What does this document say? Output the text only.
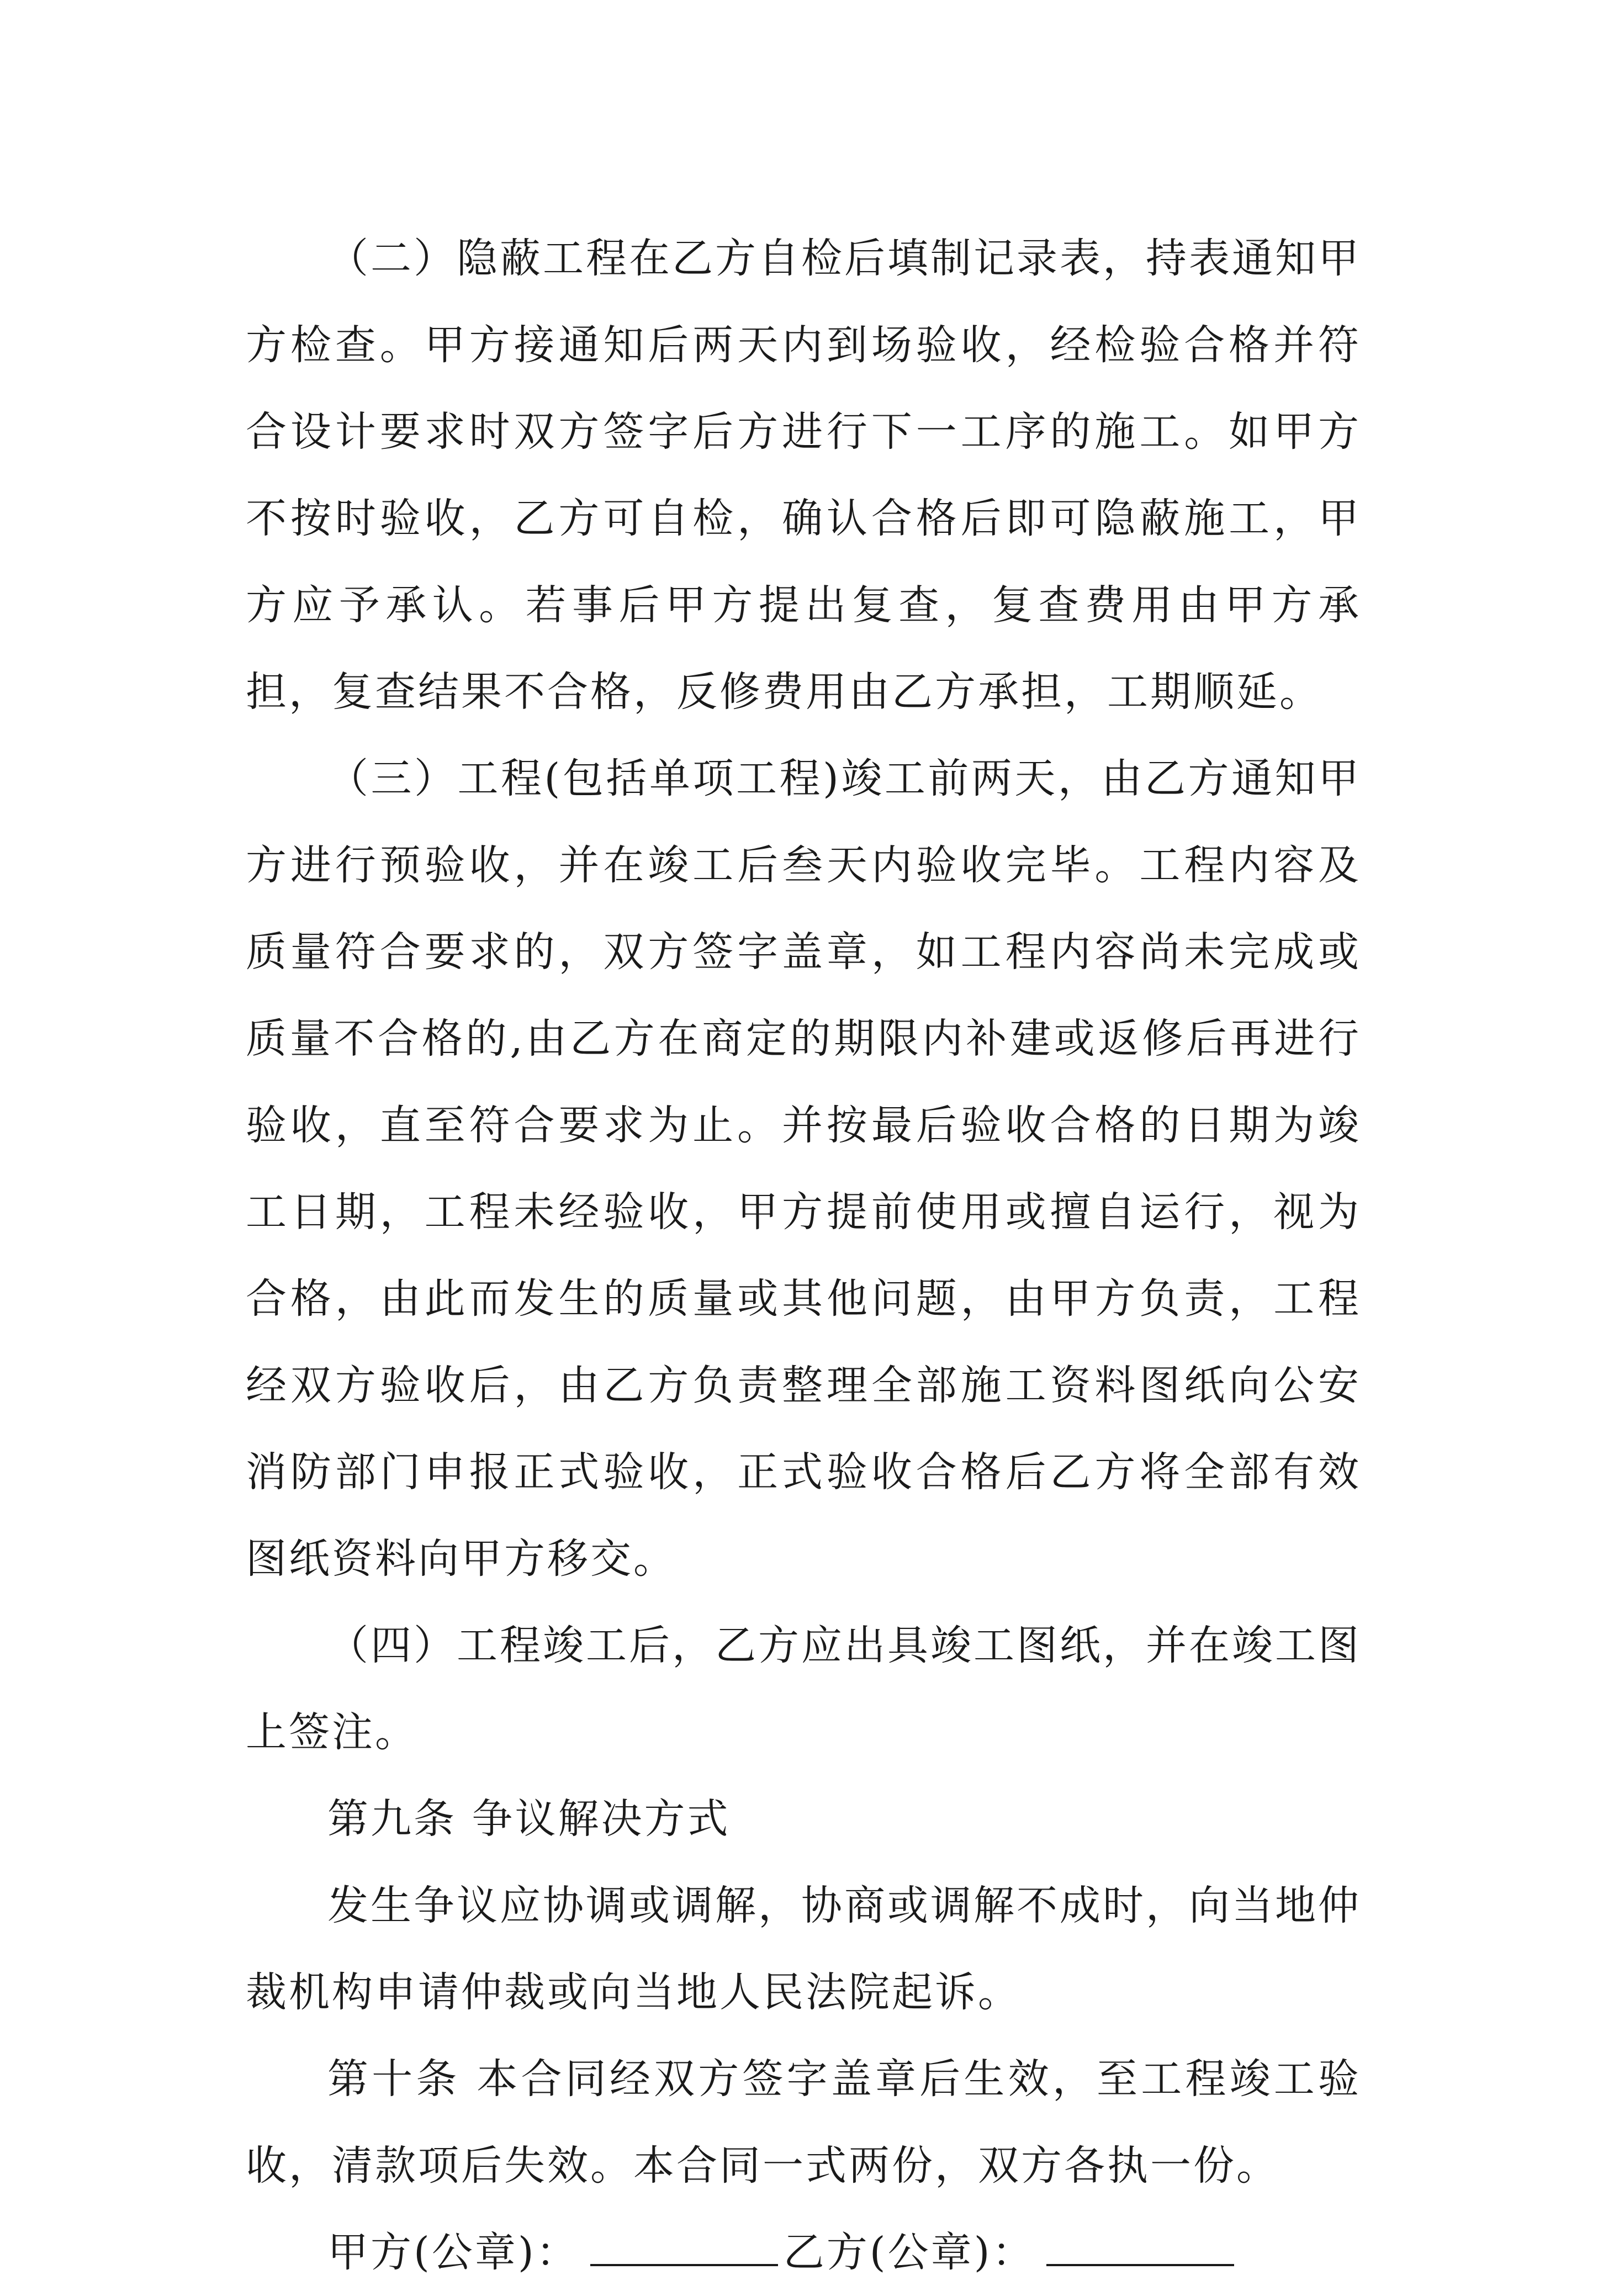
（二）隐蔽工程在乙方自检后填制记录表，持表通知甲方检查。甲方接通知后两天内到场验收，经检验合格并符合设计要求时双方签字后方进行下一工序的施工。如甲方不按时验收，乙方可自检，确认合格后即可隐蔽施工，甲方应予承认。若事后甲方提出复查，复查费用由甲方承担，复查结果不合格，反修费用由乙方承担，工期顺延。

（三）工程(包括单项工程)竣工前两天，由乙方通知甲方进行预验收，并在竣工后叁天内验收完毕。工程内容及质量符合要求的，双方签字盖章，如工程内容尚未完成或质量不合格的,由乙方在商定的期限内补建或返修后再进行验收，直至符合要求为止。并按最后验收合格的日期为竣工日期，工程未经验收，甲方提前使用或擅自运行，视为合格，由此而发生的质量或其他问题，由甲方负责，工程经双方验收后，由乙方负责整理全部施工资料图纸向公安消防部门申报正式验收，正式验收合格后乙方将全部有效图纸资料向甲方移交。

（四）工程竣工后，乙方应出具竣工图纸，并在竣工图上签注。

第九条 争议解决方式

发生争议应协调或调解，协商或调解不成时，向当地仲裁机构申请仲裁或向当地人民法院起诉。

第十条 本合同经双方签字盖章后生效，至工程竣工验收，清款项后失效。本合同一式两份，双方各执一份。

甲方(公章)：	乙方(公章)：
